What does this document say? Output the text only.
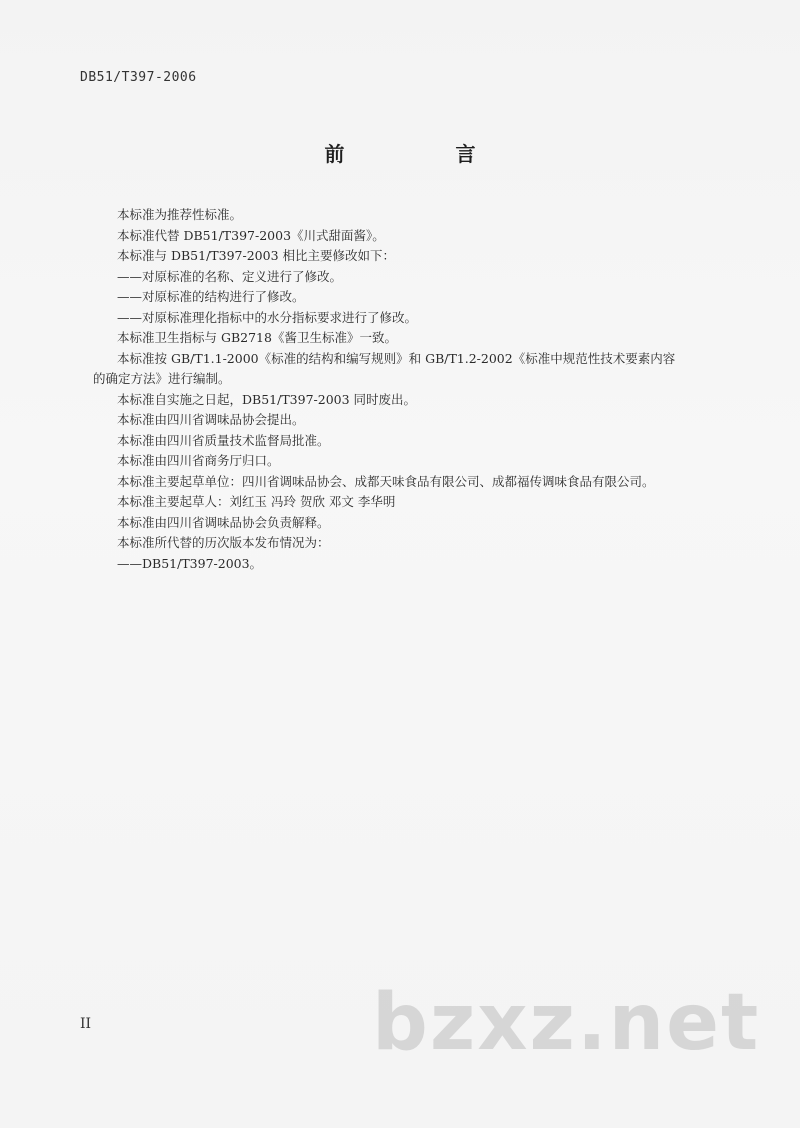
DB51/T397-2006
前 言

本标准为推荐性标准。

本标准代替 DB51/T397-2003《川式甜面酱》。

本标准与 DB51/T397-2003 相比主要修改如下：

——对原标准的名称、定义进行了修改。

——对原标准的结构进行了修改。

——对原标准理化指标中的水分指标要求进行了修改。

本标准卫生指标与 GB2718《酱卫生标准》一致。

本标准按 GB/T1.1-2000《标准的结构和编写规则》和 GB/T1.2-2002《标准中规范性技术要素内容

的确定方法》进行编制。

本标准自实施之日起，DB51/T397-2003 同时废出。

本标准由四川省调味品协会提出。

本标准由四川省质量技术监督局批准。

本标准由四川省商务厅归口。

本标准主要起草单位：四川省调味品协会、成都天味食品有限公司、成都福传调味食品有限公司。

本标准主要起草人：刘红玉 冯玲 贺欣 邓文 李华明

本标准由四川省调味品协会负责解释。

本标准所代替的历次版本发布情况为：

——DB51/T397-2003。

II	bzxz.net
